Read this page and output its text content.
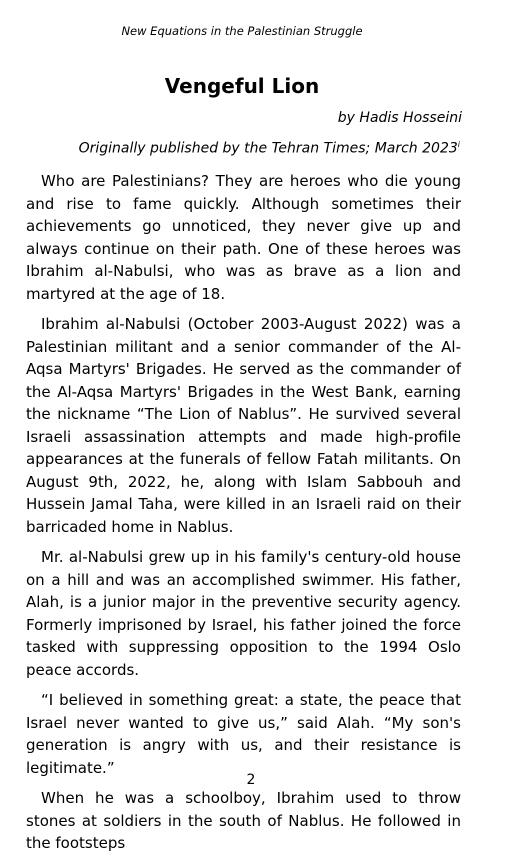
New Equations in the Palestinian Struggle
Vengeful Lion
by Hadis Hosseini
Originally published by the Tehran Times; March 2023$^i$

Who are Palestinians? They are heroes who die young and rise to fame quickly. Although sometimes their achievements go unnoticed, they never give up and always continue on their path. One of these heroes was Ibrahim al-Nabulsi, who was as brave as a lion and martyred at the age of 18.

Ibrahim al-Nabulsi (October 2003-August 2022) was a Palestinian militant and a senior commander of the Al-Aqsa Martyrs' Brigades. He served as the commander of the Al-Aqsa Martyrs' Brigades in the West Bank, earning the nickname “The Lion of Nablus”. He survived several Israeli assassination attempts and made high-profile appearances at the funerals of fellow Fatah militants. On August 9th, 2022, he, along with Islam Sabbouh and Hussein Jamal Taha, were killed in an Israeli raid on their barricaded home in Nablus.

Mr. al-Nabulsi grew up in his family's century-old house on a hill and was an accomplished swimmer. His father, Alah, is a junior major in the preventive security agency. Formerly imprisoned by Israel, his father joined the force tasked with suppressing opposition to the 1994 Oslo peace accords.

“I believed in something great: a state, the peace that Israel never wanted to give us,” said Alah. “My son's generation is angry with us, and their resistance is legitimate.”

When he was a schoolboy, Ibrahim used to throw stones at soldiers in the south of Nablus. He followed in the footsteps

2
